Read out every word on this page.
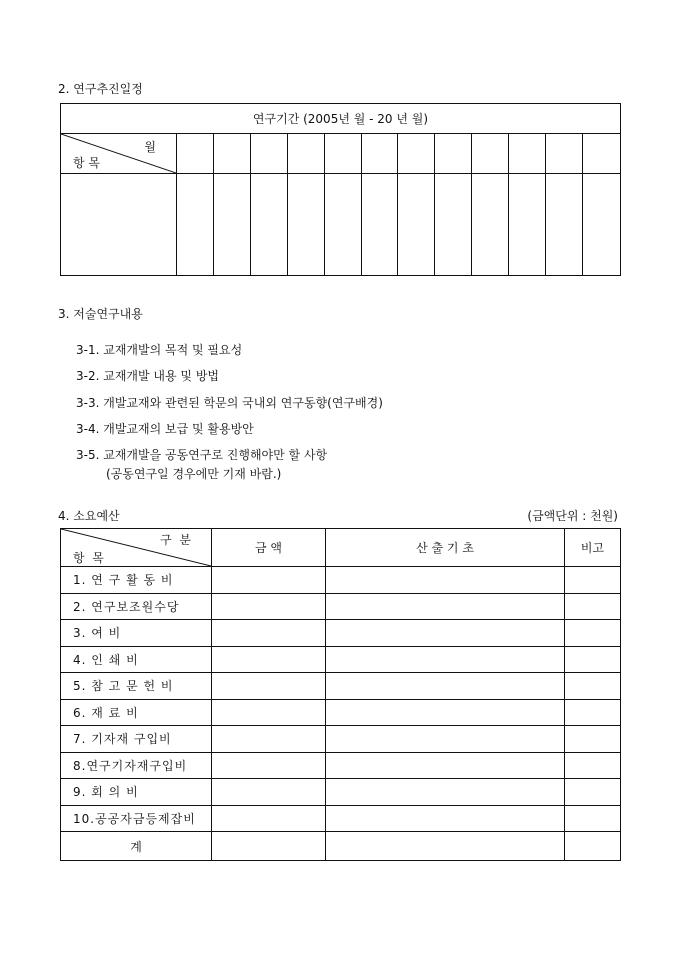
2. 연구추진일정
연구기간 (2005년 월 - 20 년 월)												

월
항 목												

3. 저술연구내용
3-1. 교재개발의 목적 및 필요성
3-2. 교재개발 내용 및 방법
3-3. 개발교재와 관련된 학문의 국내외 연구동향(연구배경)
3-4. 개발교재의 보급 및 활용방안
3-5. 교재개발을 공동연구로 진행해야만 할 사항
(공동연구일 경우에만 기재 바람.)
4. 소요예산	(금액단위 : 천원)
구  분
항  목	금 액	산 출 기 초	비고
1. 연 구 활 동 비			
2. 연구보조원수당			
3. 여 비			
4. 인 쇄 비			
5. 참 고 문 헌 비			
6. 재 료 비			
7. 기자재 구입비			
8.연구기자재구입비			
9. 회 의 비			
10.공공자금등제잡비			
계			
